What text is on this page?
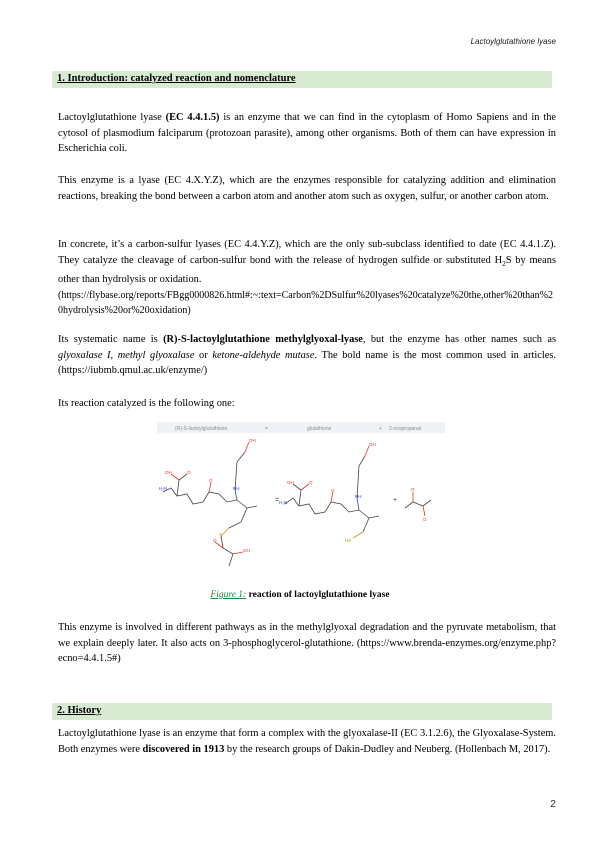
Lactoylglutathione lyase
1. Introduction: catalyzed reaction and nomenclature

Lactoylglutathione lyase (EC 4.4.1.5) is an enzyme that we can find in the cytoplasm of Homo Sapiens and in the cytosol of plasmodium falciparum (protozoan parasite), among other organisms. Both of them can have expression in Escherichia coli.

This enzyme is a lyase (EC 4.X.Y.Z), which are the enzymes responsible for catalyzing addition and elimination reactions, breaking the bond between a carbon atom and another atom such as oxygen, sulfur, or another carbon atom.

In concrete, it’s a carbon-sulfur lyases (EC 4.4.Y.Z), which are the only sub-subclass identified to date (EC 4.4.1.Z). They catalyze the cleavage of carbon-sulfur bond with the release of hydrogen sulfide or substituted $H_2S$ by means other than hydrolysis or oxidation.
(https://flybase.org/reports/FBgg0000826.html#:~:text=Carbon%2DSulfur%20lyases%20catalyze%20the,other%20than%20hydrolysis%20or%20oxidation)

Its systematic name is (R)-S-lactoylglutathione methylglyoxal-lyase, but the enzyme has other names such as glyoxalase I, methyl glyoxalase or ketone-aldehyde mutase. The bold name is the most common used in articles. (https://iubmb.qmul.ac.uk/enzyme/)

Its reaction catalyzed is the following one:

(R)-S-lactoylglutathione	=	glutathione	+ 2-oxopropanal
H₂N
OH	O
O
NH
OH
S
O
OH
= H₂N
OH	O
O
NH
OH
HS
+
O
O
Figure 1: reaction of lactoylglutathione lyase

This enzyme is involved in different pathways as in the methylglyoxal degradation and the pyruvate metabolism, that we explain deeply later. It also acts on 3-phosphoglycerol-glutathione. (https://www.brenda-enzymes.org/enzyme.php?ecno=4.4.1.5#)

2. History

Lactoylglutathione lyase is an enzyme that form a complex with the glyoxalase-II (EC 3.1.2.6), the Glyoxalase-System. Both enzymes were discovered in 1913 by the research groups of Dakin-Dudley and Neuberg. (Hollenbach M, 2017).

2
